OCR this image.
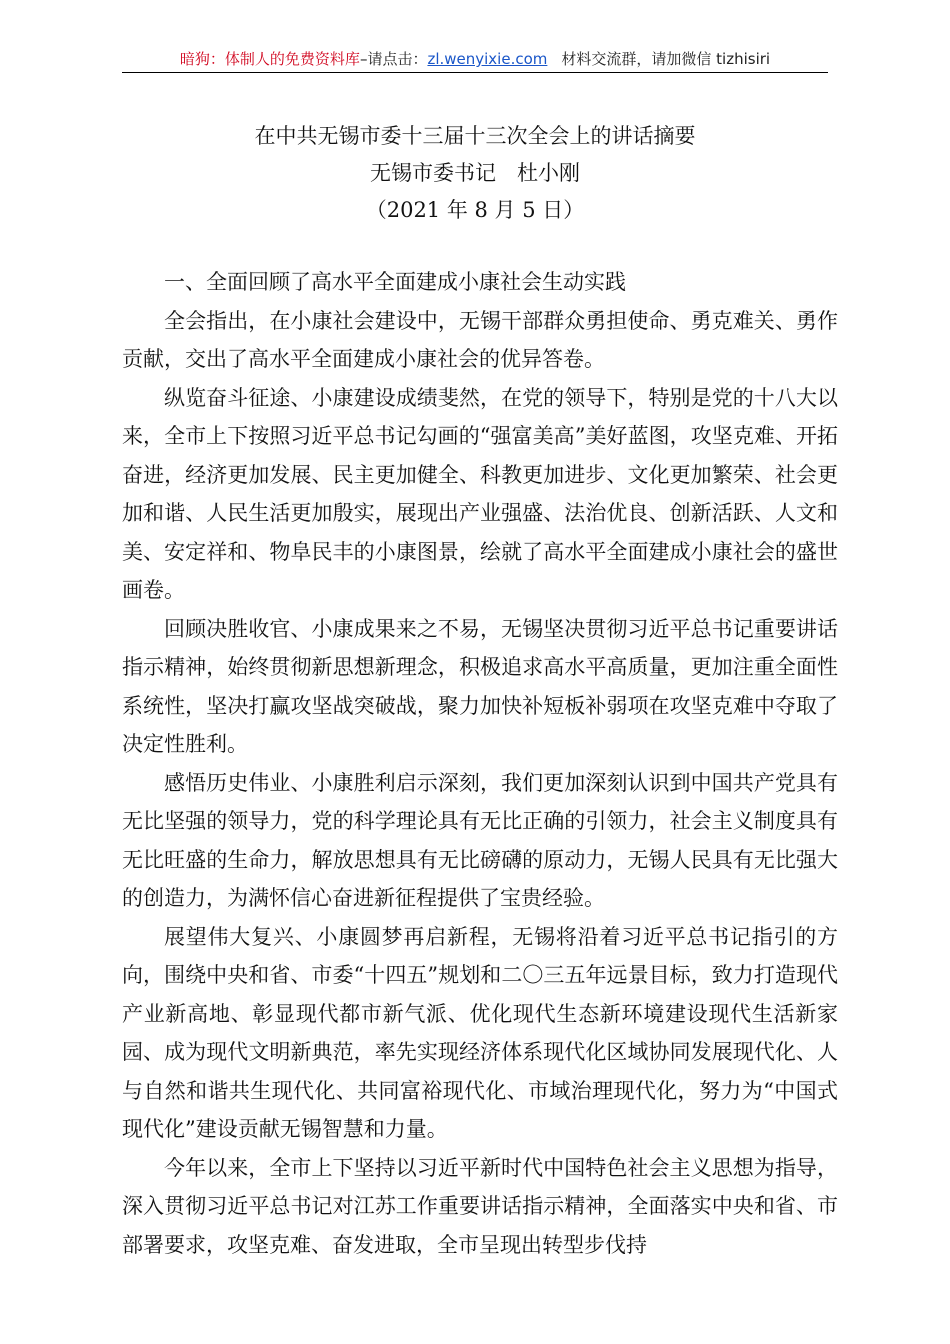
暗狗：体制人的免费资料库–请点击：zl.wenyixie.com 材料交流群，请加微信 tizhisiri
在中共无锡市委十三届十三次全会上的讲话摘要
无锡市委书记　杜小刚
（2021 年 8 月 5 日）

一、全面回顾了高水平全面建成小康社会生动实践

全会指出，在小康社会建设中，无锡干部群众勇担使命、勇克难关、勇作贡献，交出了高水平全面建成小康社会的优异答卷。

纵览奋斗征途、小康建设成绩斐然，在党的领导下，特别是党的十八大以来，全市上下按照习近平总书记勾画的“强富美高”美好蓝图，攻坚克难、开拓奋进，经济更加发展、民主更加健全、科教更加进步、文化更加繁荣、社会更加和谐、人民生活更加殷实，展现出产业强盛、法治优良、创新活跃、人文和美、安定祥和、物阜民丰的小康图景，绘就了高水平全面建成小康社会的盛世画卷。

回顾决胜收官、小康成果来之不易，无锡坚决贯彻习近平总书记重要讲话指示精神，始终贯彻新思想新理念，积极追求高水平高质量，更加注重全面性系统性，坚决打赢攻坚战突破战，聚力加快补短板补弱项在攻坚克难中夺取了决定性胜利。

感悟历史伟业、小康胜利启示深刻，我们更加深刻认识到中国共产党具有无比坚强的领导力，党的科学理论具有无比正确的引领力，社会主义制度具有无比旺盛的生命力，解放思想具有无比磅礴的原动力，无锡人民具有无比强大的创造力，为满怀信心奋进新征程提供了宝贵经验。

展望伟大复兴、小康圆梦再启新程，无锡将沿着习近平总书记指引的方向，围绕中央和省、市委“十四五”规划和二〇三五年远景目标，致力打造现代产业新高地、彰显现代都市新气派、优化现代生态新环境建设现代生活新家园、成为现代文明新典范，率先实现经济体系现代化区域协同发展现代化、人与自然和谐共生现代化、共同富裕现代化、市域治理现代化，努力为“中国式现代化”建设贡献无锡智慧和力量。

今年以来，全市上下坚持以习近平新时代中国特色社会主义思想为指导，深入贯彻习近平总书记对江苏工作重要讲话指示精神，全面落实中央和省、市部署要求，攻坚克难、奋发进取，全市呈现出转型步伐持
